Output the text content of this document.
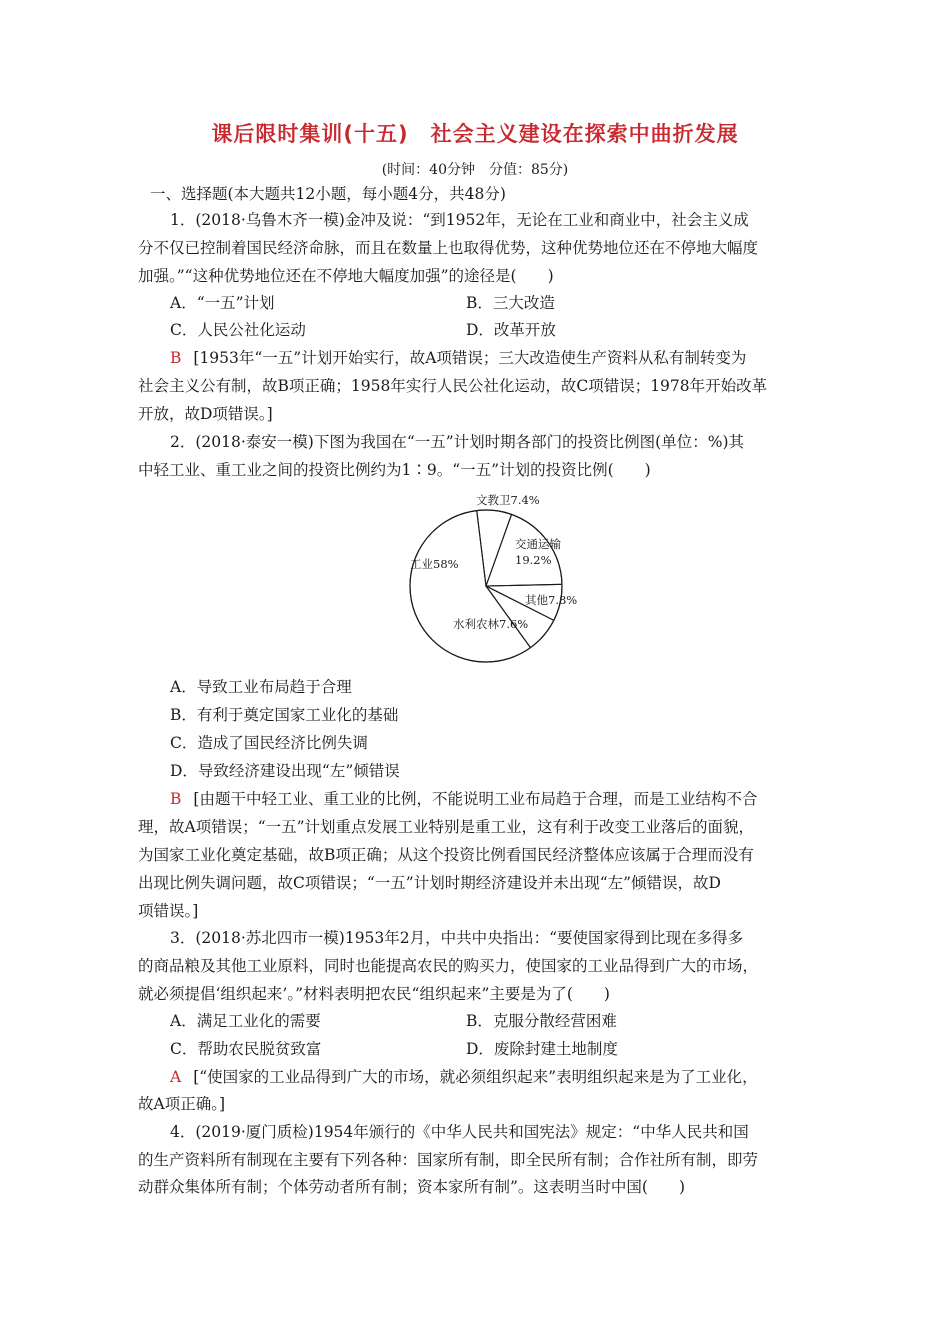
课后限时集训(十五)　社会主义建设在探索中曲折发展
(时间：40分钟　分值：85分)
一、选择题(本大题共12小题，每小题4分，共48分)
1．(2018·乌鲁木齐一模)金冲及说：“到1952年，无论在工业和商业中，社会主义成
分不仅已控制着国民经济命脉，而且在数量上也取得优势，这种优势地位还在不停地大幅度
加强。”“这种优势地位还在不停地大幅度加强”的途径是(　　)
A．“一五”计划	B．三大改造
C．人民公社化运动	D．改革开放
B [1953年“一五”计划开始实行，故A项错误；三大改造使生产资料从私有制转变为
社会主义公有制，故B项正确；1958年实行人民公社化运动，故C项错误；1978年开始改革
开放，故D项错误。]
2．(2018·泰安一模)下图为我国在“一五”计划时期各部门的投资比例图(单位：%)其
中轻工业、重工业之间的投资比例约为1∶9。“一五”计划的投资比例(　　)
文教卫7.4%
交通运输
19.2%
其他7.8%
水利农林7.6%
工业58%
A．导致工业布局趋于合理
B．有利于奠定国家工业化的基础
C．造成了国民经济比例失调
D．导致经济建设出现“左”倾错误
B [由题干中轻工业、重工业的比例，不能说明工业布局趋于合理，而是工业结构不合
理，故A项错误；“一五”计划重点发展工业特别是重工业，这有利于改变工业落后的面貌，
为国家工业化奠定基础，故B项正确；从这个投资比例看国民经济整体应该属于合理而没有
出现比例失调问题，故C项错误；“一五”计划时期经济建设并未出现“左”倾错误，故D
项错误。]
3．(2018·苏北四市一模)1953年2月，中共中央指出：“要使国家得到比现在多得多
的商品粮及其他工业原料，同时也能提高农民的购买力，使国家的工业品得到广大的市场，
就必须提倡‘组织起来’。”材料表明把农民“组织起来”主要是为了(　　)
A．满足工业化的需要	B．克服分散经营困难
C．帮助农民脱贫致富	D．废除封建土地制度
A [“使国家的工业品得到广大的市场，就必须组织起来”表明组织起来是为了工业化，
故A项正确。]
4．(2019·厦门质检)1954年颁行的《中华人民共和国宪法》规定：“中华人民共和国
的生产资料所有制现在主要有下列各种：国家所有制，即全民所有制；合作社所有制，即劳
动群众集体所有制；个体劳动者所有制；资本家所有制”。这表明当时中国(　　)
